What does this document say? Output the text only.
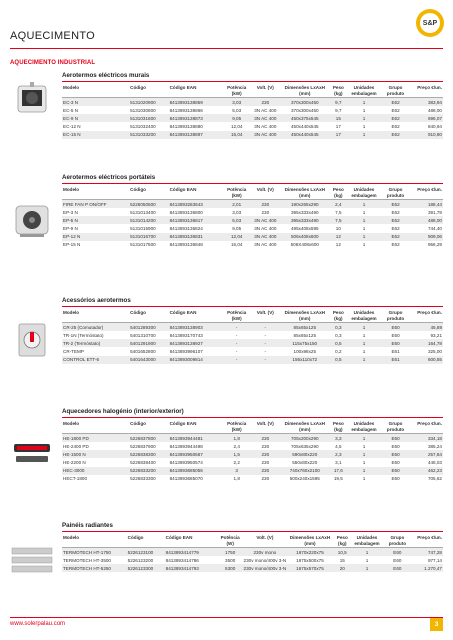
AQUECIMENTO
S&P
AQUECIMENTO INDUSTRIAL
Aerotermos eléctricos murais
Modelo	Código	Código EAN	Potência (kW)	Volt. (V)	Dimensões LxAxH (mm)	Peso (kg)	Unidades embalagem	Grupo produto	Preço €/un.
EC-3 N	5131020900	8413893138859	3,03	230	370x300x450	9,7	1	E62	383,94
EC-5 N	5131030800	8413893138866	5,03	3N AC 400	370x300x450	9,7	1	E62	488,00
EC-9 N	5131031600	8413893138873	9,05	3N AC 400	450x375x545	15	1	E62	696,07
EC-12 N	5131032400	8413893138880	12,04	3N AC 400	450x440x545	17	1	E62	840,94
EC-15 N	5131033200	8413893138897	15,04	3N AC 400	450x440x545	17	1	E62	910,80
Aerotermos eléctricos portáteis
Modelo	Código	Código EAN	Potência (kW)	Volt. (V)	Dimensões LxAxH (mm)	Peso (kg)	Unidades embalagem	Grupo produto	Preço €/un.
FIRE FAN P ON/OFF	5226050500	8413893283643	2,01	230	190x265x290	2,4	1	E62	188,44
EP-3 N	5131013400	8413893136800	3,03	230	395x333x490	7,5	1	E62	391,78
EP-5 N	5131014200	8413893136817	5,03	3N AC 400	395x333x490	7,5	1	E62	488,00
EP-9 N	5131015900	8413893136824	9,05	3N AC 400	495x408x595	10	1	E62	744,40
EP-12 N	5131016700	8413893136831	12,04	3N AC 400	506x408x600	12	1	E62	909,06
EP-15 N	5131017500	8413893136848	15,04	3N AC 400	506X408x600	12	1	E62	956,29
Acessórios aerotermos
Modelo	Código	Código EAN	Potência (kW)	Volt. (V)	Dimensões LxAxH (mm)	Peso (kg)	Unidades embalagem	Grupo produto	Preço €/un.
CR-25 (Comutador)	5401289300	8413893138903	-	-	85x65x125	0,3	1	E60	45,88
TR-1N (Termóstato)	5401310700	8413893170743	-	-	85x65x125	0,3	1	E60	93,21
TR-2 (Termóstato)	5401291900	8413893138927	-	-	115x75x150	0,5	1	E60	164,78
CR-TEMP	5401652800	8413893996107	-	-	100x98x25	0,2	1	E61	325,00
CONTROL ETT-6	5401643000	8413893009814	-	-	156x110x72	0,5	1	E61	600,55
Aquecedores halogénio (interior/exterior)
Modelo	Código	Código EAN	Potência (kW)	Volt. (V)	Dimensões LxAxH (mm)	Peso (kg)	Unidades embalagem	Grupo produto	Preço €/un.
HE-1800 PD	5226837800	8413893944481	1,8	230	705x200x290	3,3	1	E60	334,18
HE-2400 PD	5226837900	8413893944498	2,4	230	705x635x290	4,5	1	E60	385,24
HE-1500 N	5226838300	8413893950567	1,5	230	590x80x220	2,3	1	E60	257,84
HE-2200 N	5226838400	8413893950574	2,2	230	550x80x220	3,1	1	E60	448,03
HEC-3000	5226833200	8413893685056	3	230	740x760x2100	17,6	1	E60	462,23
HECT-1800	5226833300	8413893685070	1,8	230	500x240x1595	19,5	1	E60	705,62
Painéis radiantes
Modelo	Código	Código EAN	Potência (W)	Volt. (V)	Dimensões LxAxH (mm)	Peso (kg)	Unidades embalagem	Grupo produto	Preço €/un.
TERMOTECH HT-1750	5226123100	8413893414779	1750	230v mono	1670x220x75	10,5	1	E60	747,28
TERMOTECH HT-3500	5226123200	8413893414786	3500	230v mono/400v 3-N	1675x500x75	15	1	E60	977,14
TERMOTECH HT-5250	5226123300	8413893414793	5300	230v mono/400v 3-N	1675x570x75	20	1	E60	1.270,47
www.solerpalau.com	3
